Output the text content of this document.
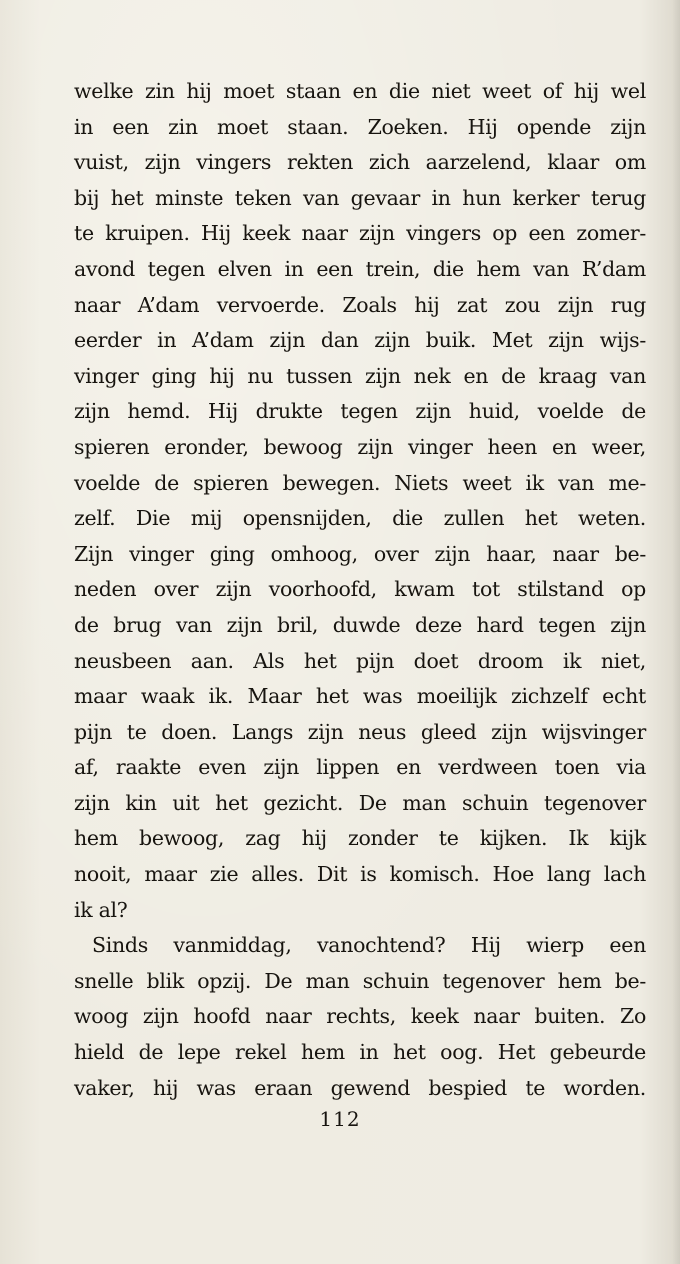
welke zin hij moet staan en die niet weet of hij wel
in een zin moet staan. Zoeken. Hij opende zijn
vuist, zijn vingers rekten zich aarzelend, klaar om
bij het minste teken van gevaar in hun kerker terug
te kruipen. Hij keek naar zijn vingers op een zomer-
avond tegen elven in een trein, die hem van R’dam
naar A’dam vervoerde. Zoals hij zat zou zijn rug
eerder in A’dam zijn dan zijn buik. Met zijn wijs-
vinger ging hij nu tussen zijn nek en de kraag van
zijn hemd. Hij drukte tegen zijn huid, voelde de
spieren eronder, bewoog zijn vinger heen en weer,
voelde de spieren bewegen. Niets weet ik van me-
zelf. Die mij opensnijden, die zullen het weten.
Zijn vinger ging omhoog, over zijn haar, naar be-
neden over zijn voorhoofd, kwam tot stilstand op
de brug van zijn bril, duwde deze hard tegen zijn
neusbeen aan. Als het pijn doet droom ik niet,
maar waak ik. Maar het was moeilijk zichzelf echt
pijn te doen. Langs zijn neus gleed zijn wijsvinger
af, raakte even zijn lippen en verdween toen via
zijn kin uit het gezicht. De man schuin tegenover
hem bewoog, zag hij zonder te kijken. Ik kijk
nooit, maar zie alles. Dit is komisch. Hoe lang lach
ik al?
Sinds vanmiddag, vanochtend? Hij wierp een
snelle blik opzij. De man schuin tegenover hem be-
woog zijn hoofd naar rechts, keek naar buiten. Zo
hield de lepe rekel hem in het oog. Het gebeurde
vaker, hij was eraan gewend bespied te worden.
112
